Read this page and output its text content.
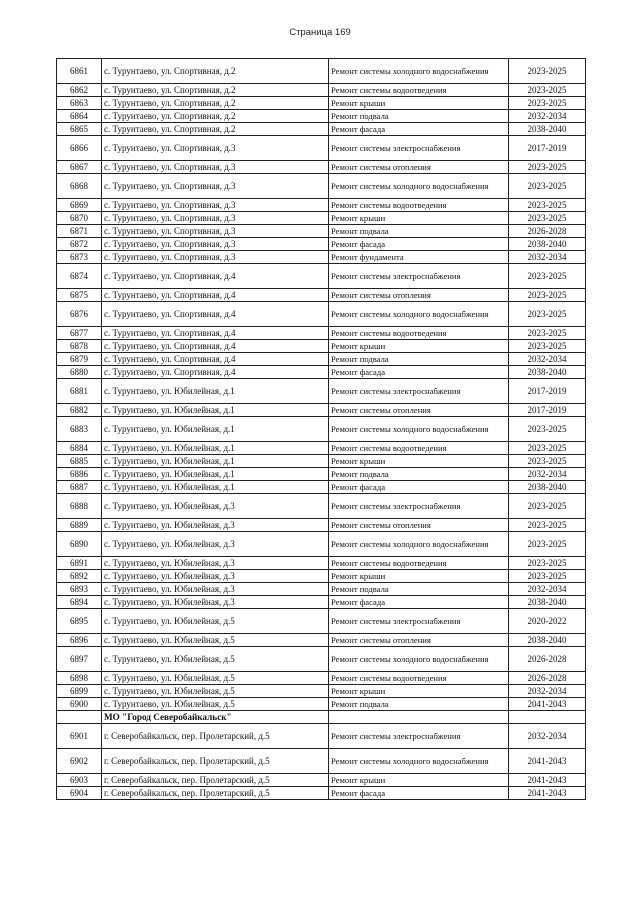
Страница 169
6861	с. Турунтаево, ул. Спортивная, д.2	Ремонт системы холодного водоснабжения	2023-2025
6862	с. Турунтаево, ул. Спортивная, д.2	Ремонт системы водоотведения	2023-2025
6863	с. Турунтаево, ул. Спортивная, д.2	Ремонт крыши	2023-2025
6864	с. Турунтаево, ул. Спортивная, д.2	Ремонт подвала	2032-2034
6865	с. Турунтаево, ул. Спортивная, д.2	Ремонт фасада	2038-2040
6866	с. Турунтаево, ул. Спортивная, д.3	Ремонт системы электроснабжения	2017-2019
6867	с. Турунтаево, ул. Спортивная, д.3	Ремонт системы отопления	2023-2025
6868	с. Турунтаево, ул. Спортивная, д.3	Ремонт системы холодного водоснабжения	2023-2025
6869	с. Турунтаево, ул. Спортивная, д.3	Ремонт системы водоотведения	2023-2025
6870	с. Турунтаево, ул. Спортивная, д.3	Ремонт крыши	2023-2025
6871	с. Турунтаево, ул. Спортивная, д.3	Ремонт подвала	2026-2028
6872	с. Турунтаево, ул. Спортивная, д.3	Ремонт фасада	2038-2040
6873	с. Турунтаево, ул. Спортивная, д.3	Ремонт фундамента	2032-2034
6874	с. Турунтаево, ул. Спортивная, д.4	Ремонт системы электроснабжения	2023-2025
6875	с. Турунтаево, ул. Спортивная, д.4	Ремонт системы отопления	2023-2025
6876	с. Турунтаево, ул. Спортивная, д.4	Ремонт системы холодного водоснабжения	2023-2025
6877	с. Турунтаево, ул. Спортивная, д.4	Ремонт системы водоотведения	2023-2025
6878	с. Турунтаево, ул. Спортивная, д.4	Ремонт крыши	2023-2025
6879	с. Турунтаево, ул. Спортивная, д.4	Ремонт подвала	2032-2034
6880	с. Турунтаево, ул. Спортивная, д.4	Ремонт фасада	2038-2040
6881	с. Турунтаево, ул. Юбилейная, д.1	Ремонт системы электроснабжения	2017-2019
6882	с. Турунтаево, ул. Юбилейная, д.1	Ремонт системы отопления	2017-2019
6883	с. Турунтаево, ул. Юбилейная, д.1	Ремонт системы холодного водоснабжения	2023-2025
6884	с. Турунтаево, ул. Юбилейная, д.1	Ремонт системы водоотведения	2023-2025
6885	с. Турунтаево, ул. Юбилейная, д.1	Ремонт крыши	2023-2025
6886	с. Турунтаево, ул. Юбилейная, д.1	Ремонт подвала	2032-2034
6887	с. Турунтаево, ул. Юбилейная, д.1	Ремонт фасада	2038-2040
6888	с. Турунтаево, ул. Юбилейная, д.3	Ремонт системы электроснабжения	2023-2025
6889	с. Турунтаево, ул. Юбилейная, д.3	Ремонт системы отопления	2023-2025
6890	с. Турунтаево, ул. Юбилейная, д.3	Ремонт системы холодного водоснабжения	2023-2025
6891	с. Турунтаево, ул. Юбилейная, д.3	Ремонт системы водоотведения	2023-2025
6892	с. Турунтаево, ул. Юбилейная, д.3	Ремонт крыши	2023-2025
6893	с. Турунтаево, ул. Юбилейная, д.3	Ремонт подвала	2032-2034
6894	с. Турунтаево, ул. Юбилейная, д.3	Ремонт фасада	2038-2040
6895	с. Турунтаево, ул. Юбилейная, д.5	Ремонт системы электроснабжения	2020-2022
6896	с. Турунтаево, ул. Юбилейная, д.5	Ремонт системы отопления	2038-2040
6897	с. Турунтаево, ул. Юбилейная, д.5	Ремонт системы холодного водоснабжения	2026-2028
6898	с. Турунтаево, ул. Юбилейная, д.5	Ремонт системы водоотведения	2026-2028
6899	с. Турунтаево, ул. Юбилейная, д.5	Ремонт крыши	2032-2034
6900	с. Турунтаево, ул. Юбилейная, д.5	Ремонт подвала	2041-2043
	МО "Город Северобайкальск"		
6901	г. Северобайкальск, пер. Пролетарский, д.5	Ремонт системы электроснабжения	2032-2034
6902	г. Северобайкальск, пер. Пролетарский, д.5	Ремонт системы холодного водоснабжения	2041-2043
6903	г. Северобайкальск, пер. Пролетарский, д.5	Ремонт крыши	2041-2043
6904	г. Северобайкальск, пер. Пролетарский, д.5	Ремонт фасада	2041-2043
